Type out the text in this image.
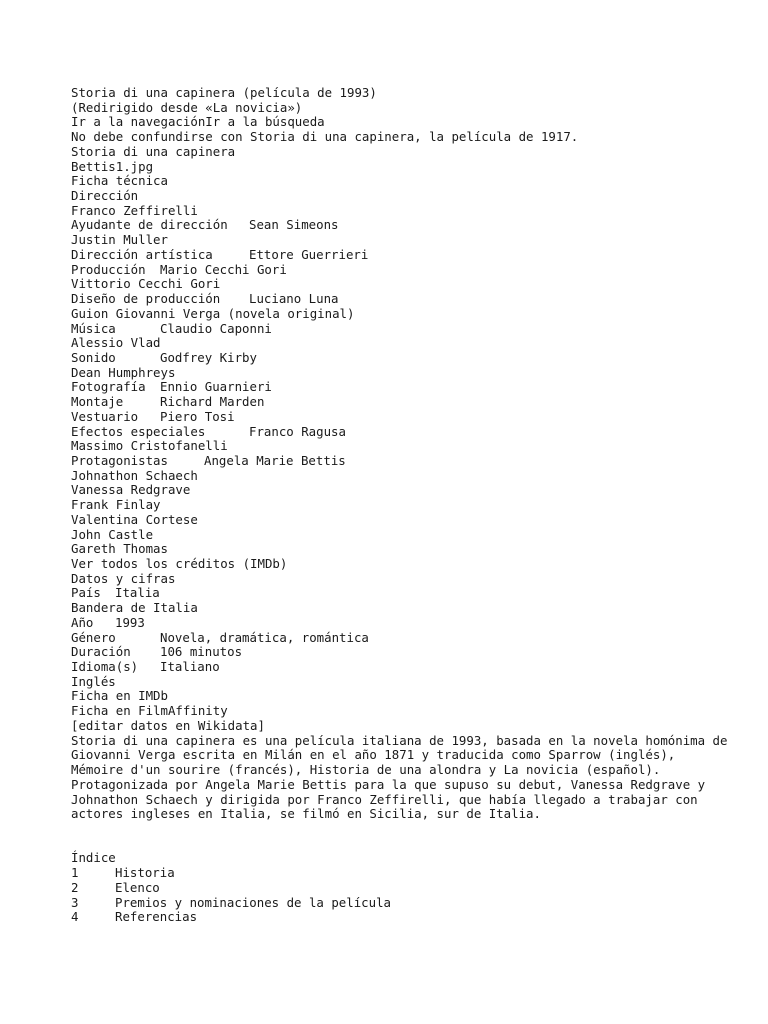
Storia di una capinera (película de 1993)
(Redirigido desde «La novicia»)
Ir a la navegaciónIr a la búsqueda
No debe confundirse con Storia di una capinera, la película de 1917.
Storia di una capinera
Bettis1.jpg
Ficha técnica
Dirección
Franco Zeffirelli
Ayudante de dirección	Sean Simeons
Justin Muller
Dirección artística	Ettore Guerrieri
Producción	Mario Cecchi Gori
Vittorio Cecchi Gori
Diseño de producción	Luciano Luna
Guion Giovanni Verga (novela original)
Música	Claudio Caponni
Alessio Vlad
Sonido	Godfrey Kirby
Dean Humphreys
Fotografía	Ennio Guarnieri
Montaje	Richard Marden
Vestuario	Piero Tosi
Efectos especiales	Franco Ragusa
Massimo Cristofanelli
Protagonistas	Angela Marie Bettis
Johnathon Schaech
Vanessa Redgrave
Frank Finlay
Valentina Cortese
John Castle
Gareth Thomas
Ver todos los créditos (IMDb)
Datos y cifras
País	Italia
Bandera de Italia
Año	1993
Género	Novela, dramática, romántica
Duración	106 minutos
Idioma(s)	Italiano
Inglés
Ficha en IMDb
Ficha en FilmAffinity
[editar datos en Wikidata]
Storia di una capinera es una película italiana de 1993, basada en la novela homónima de Giovanni Verga escrita en Milán en el año 1871 y traducida como Sparrow (inglés), Mémoire d'un sourire (francés), Historia de una alondra y La novicia (español). Protagonizada por Angela Marie Bettis para la que supuso su debut, Vanessa Redgrave y Johnathon Schaech y dirigida por Franco Zeffirelli, que había llegado a trabajar con actores ingleses en Italia, se filmó en Sicilia, sur de Italia.
Índice
1	Historia
2	Elenco
3	Premios y nominaciones de la película
4	Referencias
